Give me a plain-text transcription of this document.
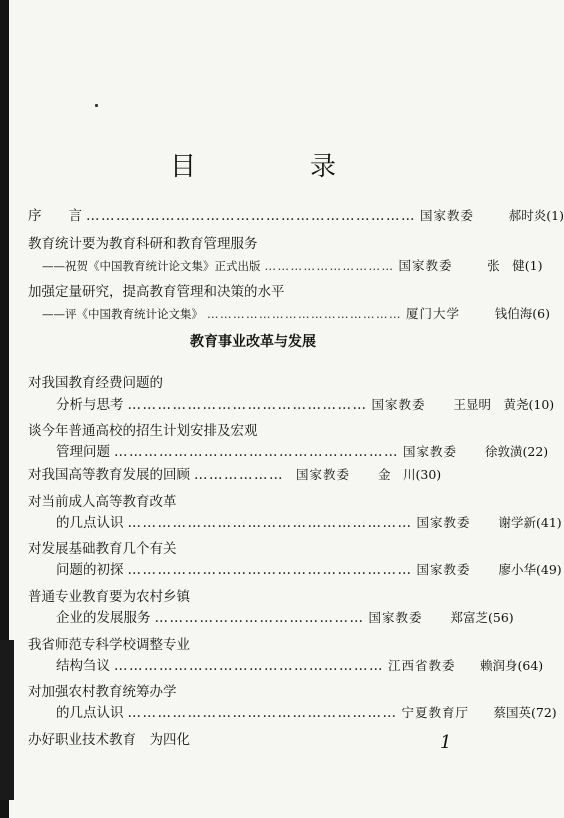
目　录
序　　言 ………………………………………………………… 国家教委	郝时炎(1)
教育统计要为教育科研和教育管理服务
——祝贺《中国教育统计论文集》正式出版 ………………………… 国家教委	张　健(1)
加强定量研究，提高教育管理和决策的水平
——评《中国教育统计论文集》 ……………………………………… 厦门大学	钱伯海(6)
教育事业改革与发展
对我国教育经费问题的
分析与思考 ………………………………………… 国家教委	王显明　黄尧(10)
谈今年普通高校的招生计划安排及宏观
管理问题 ………………………………………………… 国家教委	徐敦潢(22)
对我国高等教育发展的回顾 ……………… 国家教委	金　川(30)
对当前成人高等教育改革
的几点认识 ………………………………………………… 国家教委	谢学新(41)
对发展基础教育几个有关
问题的初探 ………………………………………………… 国家教委	廖小华(49)
普通专业教育要为农村乡镇
企业的发展服务 …………………………………… 国家教委	郑富芝(56)
我省师范专科学校调整专业
结构刍议 ……………………………………………… 江西省教委	赖润身(64)
对加强农村教育统筹办学
的几点认识 ……………………………………………… 宁夏教育厅	蔡国英(72)
办好职业技术教育　为四化	1
